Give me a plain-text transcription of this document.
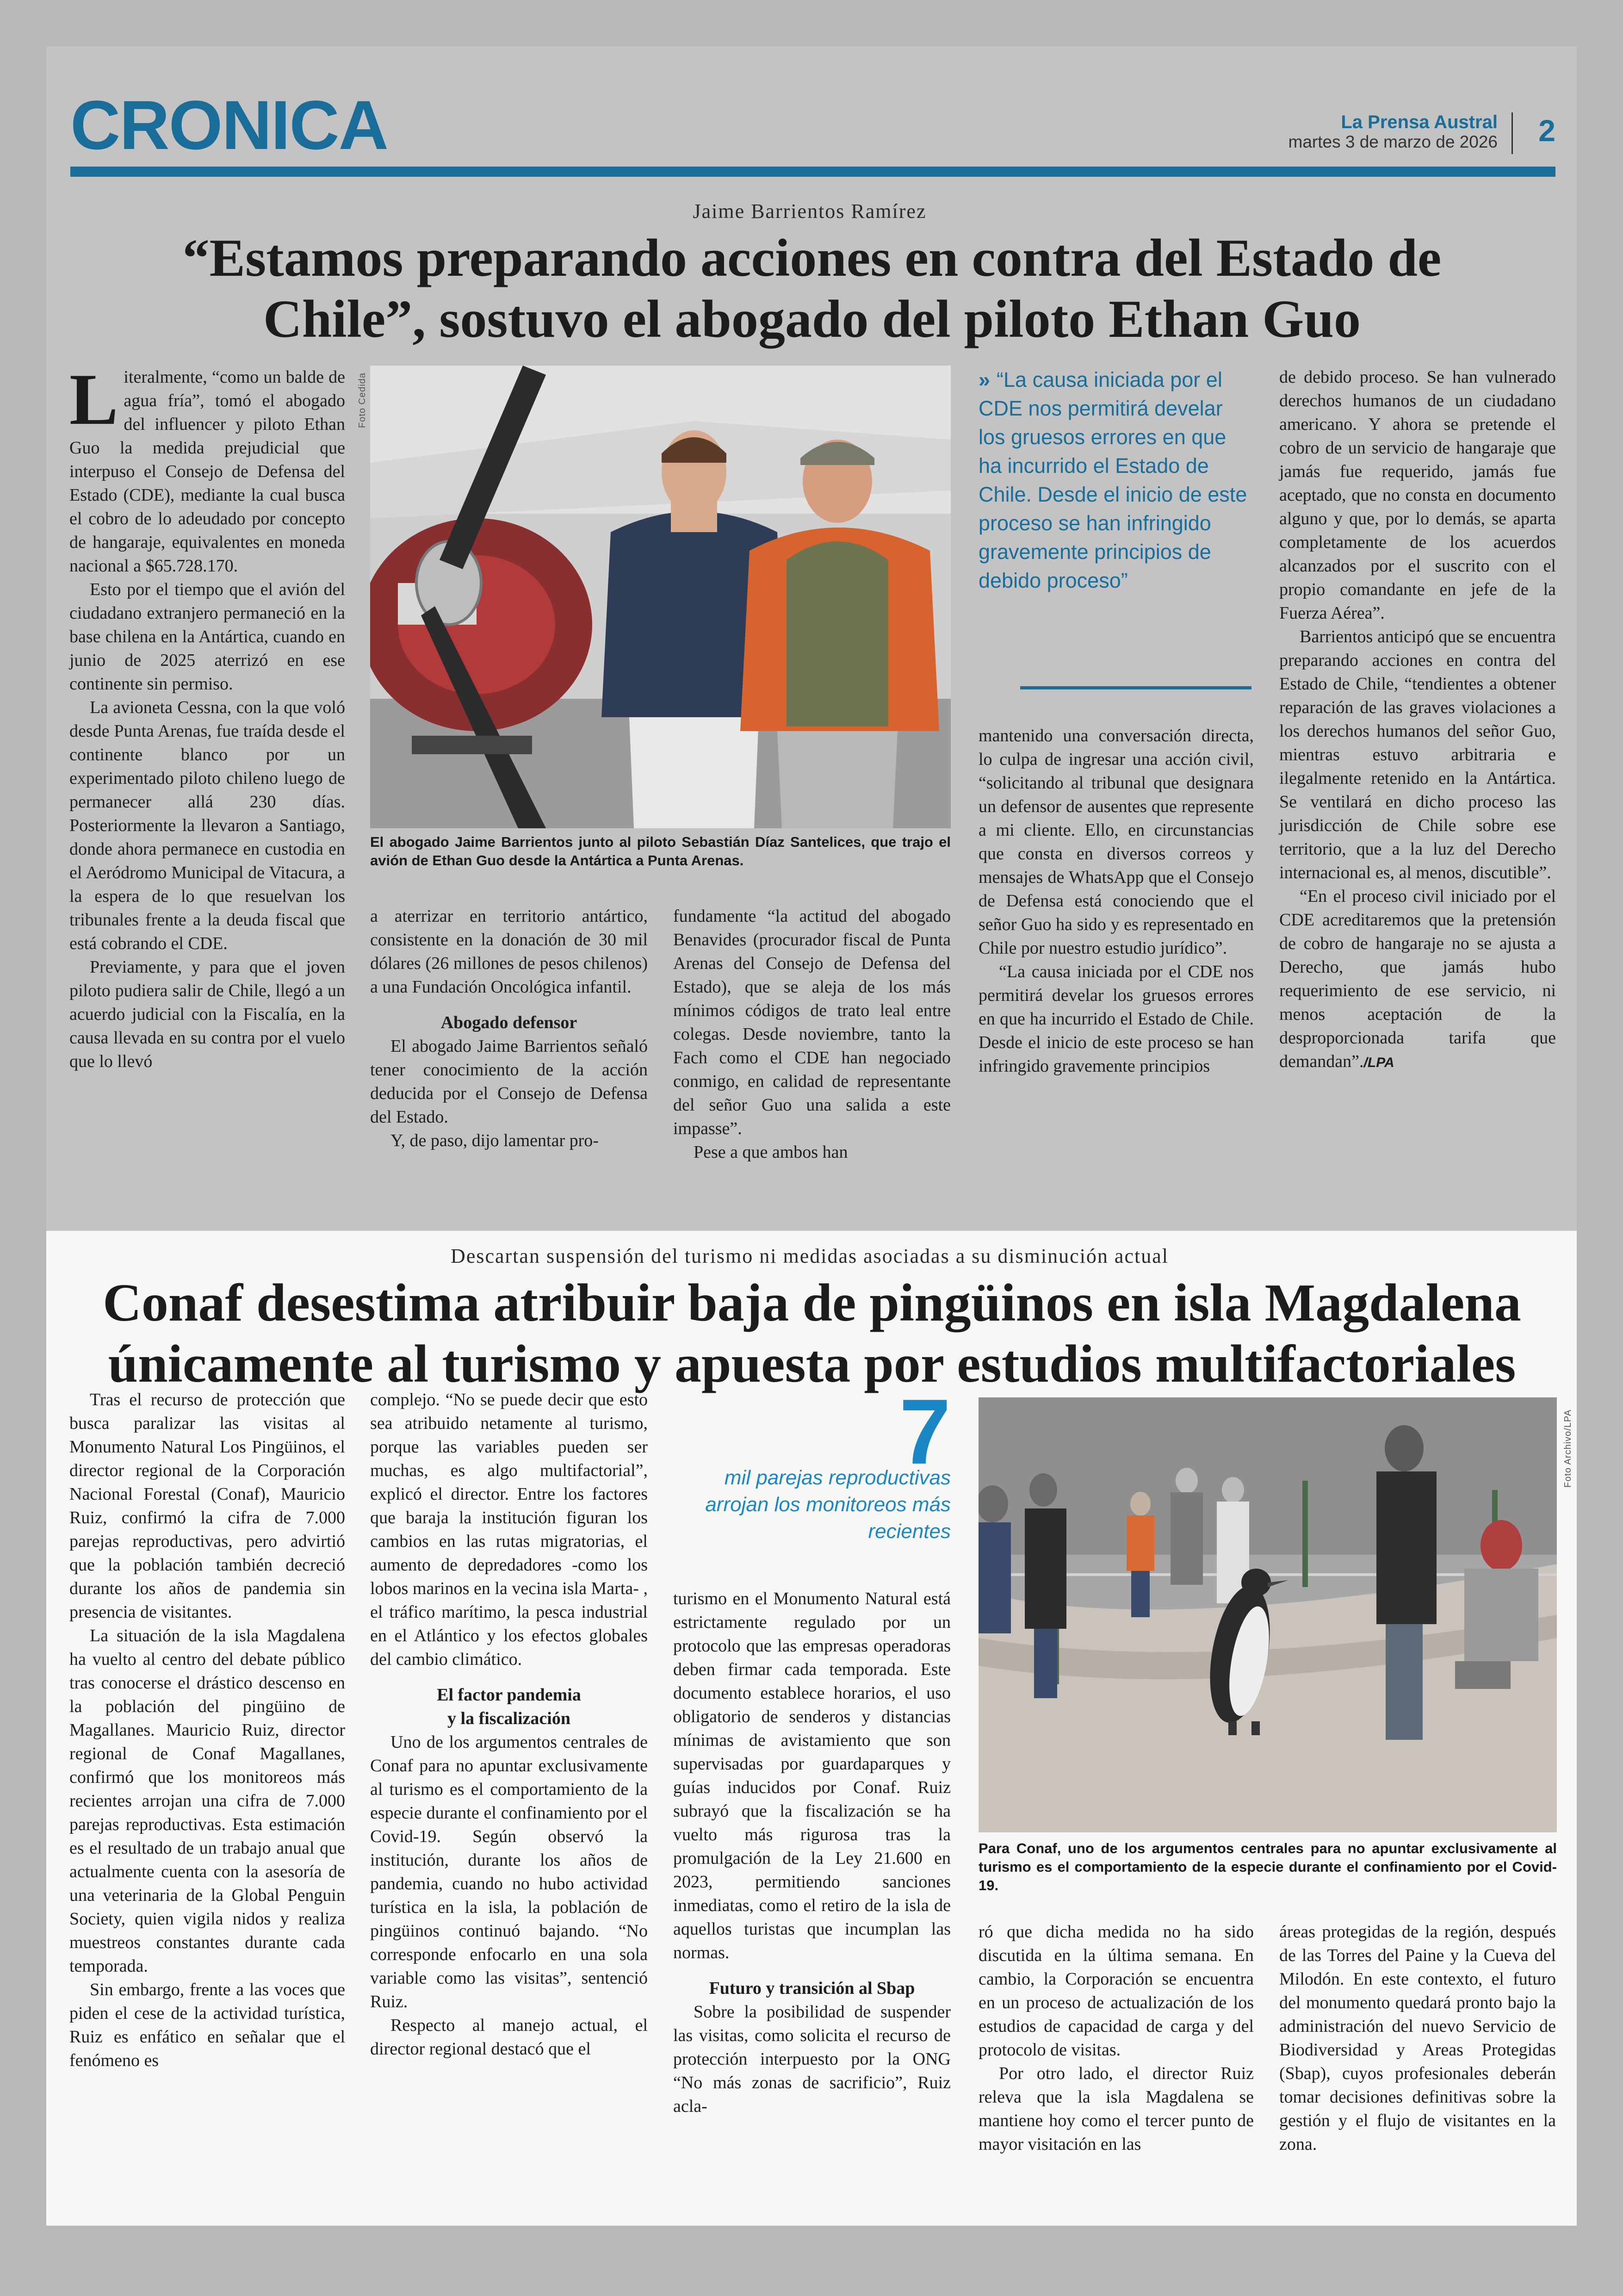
CRONICA	La Prensa Austral
martes 3 de marzo de 2026 2
Jaime Barrientos Ramírez
“Estamos preparando acciones en contra del Estado de
Chile”, sostuvo el abogado del piloto Ethan Guo

Literalmente, “como un balde de agua fría”, tomó el abogado del influencer y piloto Ethan Guo la medida prejudicial que interpuso el Consejo de Defensa del Estado (CDE), mediante la cual busca el cobro de lo adeudado por concepto de hangaraje, equivalentes en moneda nacional a $65.728.170.

Esto por el tiempo que el avión del ciudadano extranjero permaneció en la base chilena en la Antártica, cuando en junio de 2025 aterrizó en ese continente sin permiso.

La avioneta Cessna, con la que voló desde Punta Arenas, fue traída desde el continente blanco por un experimentado piloto chileno luego de permanecer allá 230 días. Posteriormente la llevaron a Santiago, donde ahora permanece en custodia en el Aeródromo Municipal de Vitacura, a la espera de lo que resuelvan los tribunales frente a la deuda fiscal que está cobrando el CDE.

Previamente, y para que el joven piloto pudiera salir de Chile, llegó a un acuerdo judicial con la Fiscalía, en la causa llevada en su contra por el vuelo que lo llevó

Foto Cedida
El abogado Jaime Barrientos junto al piloto Sebastián Díaz Santelices, que trajo el avión de Ethan Guo desde la Antártica a Punta Arenas.
» “La causa iniciada por el CDE nos permitirá develar los gruesos errores en que ha incurrido el Estado de Chile. Desde el inicio de este proceso se han infringido gravemente principios de debido proceso”

a aterrizar en territorio antártico, consistente en la donación de 30 mil dólares (26 millones de pesos chilenos) a una Fundación Oncológica infantil.

Abogado defensor

El abogado Jaime Barrientos señaló tener conocimiento de la acción deducida por el Consejo de Defensa del Estado.

Y, de paso, dijo lamentar pro-

fundamente “la actitud del abogado Benavides (procurador fiscal de Punta Arenas del Consejo de Defensa del Estado), que se aleja de los más mínimos códigos de trato leal entre colegas. Desde noviembre, tanto la Fach como el CDE han negociado conmigo, en calidad de representante del señor Guo una salida a este impasse”.

Pese a que ambos han

mantenido una conversación directa, lo culpa de ingresar una acción civil, “solicitando al tribunal que designara un defensor de ausentes que represente a mi cliente. Ello, en circunstancias que consta en diversos correos y mensajes de WhatsApp que el Consejo de Defensa está conociendo que el señor Guo ha sido y es representado en Chile por nuestro estudio jurídico”.

“La causa iniciada por el CDE nos permitirá develar los gruesos errores en que ha incurrido el Estado de Chile. Desde el inicio de este proceso se han infringido gravemente principios

de debido proceso. Se han vulnerado derechos humanos de un ciudadano americano. Y ahora se pretende el cobro de un servicio de hangaraje que jamás fue requerido, jamás fue aceptado, que no consta en documento alguno y que, por lo demás, se aparta completamente de los acuerdos alcanzados por el suscrito con el propio comandante en jefe de la Fuerza Aérea”.

Barrientos anticipó que se encuentra preparando acciones en contra del Estado de Chile, “tendientes a obtener reparación de las graves violaciones a los derechos humanos del señor Guo, mientras estuvo arbitraria e ilegalmente retenido en la Antártica. Se ventilará en dicho proceso las jurisdicción de Chile sobre ese territorio, que a la luz del Derecho internacional es, al menos, discutible”.

“En el proceso civil iniciado por el CDE acreditaremos que la pretensión de cobro de hangaraje no se ajusta a Derecho, que jamás hubo requerimiento de ese servicio, ni menos aceptación de la desproporcionada tarifa que demandan”./LPA

Descartan suspensión del turismo ni medidas asociadas a su disminución actual
Conaf desestima atribuir baja de pingüinos en isla Magdalena
únicamente al turismo y apuesta por estudios multifactoriales

Tras el recurso de protección que busca paralizar las visitas al Monumento Natural Los Pingüinos, el director regional de la Corporación Nacional Forestal (Conaf), Mauricio Ruiz, confirmó la cifra de 7.000 parejas reproductivas, pero advirtió que la población también decreció durante los años de pandemia sin presencia de visitantes.

La situación de la isla Magdalena ha vuelto al centro del debate público tras conocerse el drástico descenso en la población del pingüino de Magallanes. Mauricio Ruiz, director regional de Conaf Magallanes, confirmó que los monitoreos más recientes arrojan una cifra de 7.000 parejas reproductivas. Esta estimación es el resultado de un trabajo anual que actualmente cuenta con la asesoría de una veterinaria de la Global Penguin Society, quien vigila nidos y realiza muestreos constantes durante cada temporada.

Sin embargo, frente a las voces que piden el cese de la actividad turística, Ruiz es enfático en señalar que el fenómeno es

complejo. “No se puede decir que esto sea atribuido netamente al turismo, porque las variables pueden ser muchas, es algo multifactorial”, explicó el director. Entre los factores que baraja la institución figuran los cambios en las rutas migratorias, el aumento de depredadores -como los lobos marinos en la vecina isla Marta- , el tráfico marítimo, la pesca industrial en el Atlántico y los efectos globales del cambio climático.

El factor pandemia
y la fiscalización

Uno de los argumentos centrales de Conaf para no apuntar exclusivamente al turismo es el comportamiento de la especie durante el confinamiento por el Covid-19. Según observó la institución, durante los años de pandemia, cuando no hubo actividad turística en la isla, la población de pingüinos continuó bajando. “No corresponde enfocarlo en una sola variable como las visitas”, sentenció Ruiz.

Respecto al manejo actual, el director regional destacó que el

7
mil parejas reproductivas arrojan los monitoreos más recientes

turismo en el Monumento Natural está estrictamente regulado por un protocolo que las empresas operadoras deben firmar cada temporada. Este documento establece horarios, el uso obligatorio de senderos y distancias mínimas de avistamiento que son supervisadas por guardaparques y guías inducidos por Conaf. Ruiz subrayó que la fiscalización se ha vuelto más rigurosa tras la promulgación de la Ley 21.600 en 2023, permitiendo sanciones inmediatas, como el retiro de la isla de aquellos turistas que incumplan las normas.

Futuro y transición al Sbap

Sobre la posibilidad de suspender las visitas, como solicita el recurso de protección interpuesto por la ONG “No más zonas de sacrificio”, Ruiz acla-

Foto Archivo/LPA
Para Conaf, uno de los argumentos centrales para no apuntar exclusivamente al turismo es el comportamiento de la especie durante el confinamiento por el Covid-19.

ró que dicha medida no ha sido discutida en la última semana. En cambio, la Corporación se encuentra en un proceso de actualización de los estudios de capacidad de carga y del protocolo de visitas.

Por otro lado, el director Ruiz releva que la isla Magdalena se mantiene hoy como el tercer punto de mayor visitación en las

áreas protegidas de la región, después de las Torres del Paine y la Cueva del Milodón. En este contexto, el futuro del monumento quedará pronto bajo la administración del nuevo Servicio de Biodiversidad y Areas Protegidas (Sbap), cuyos profesionales deberán tomar decisiones definitivas sobre la gestión y el flujo de visitantes en la zona.
